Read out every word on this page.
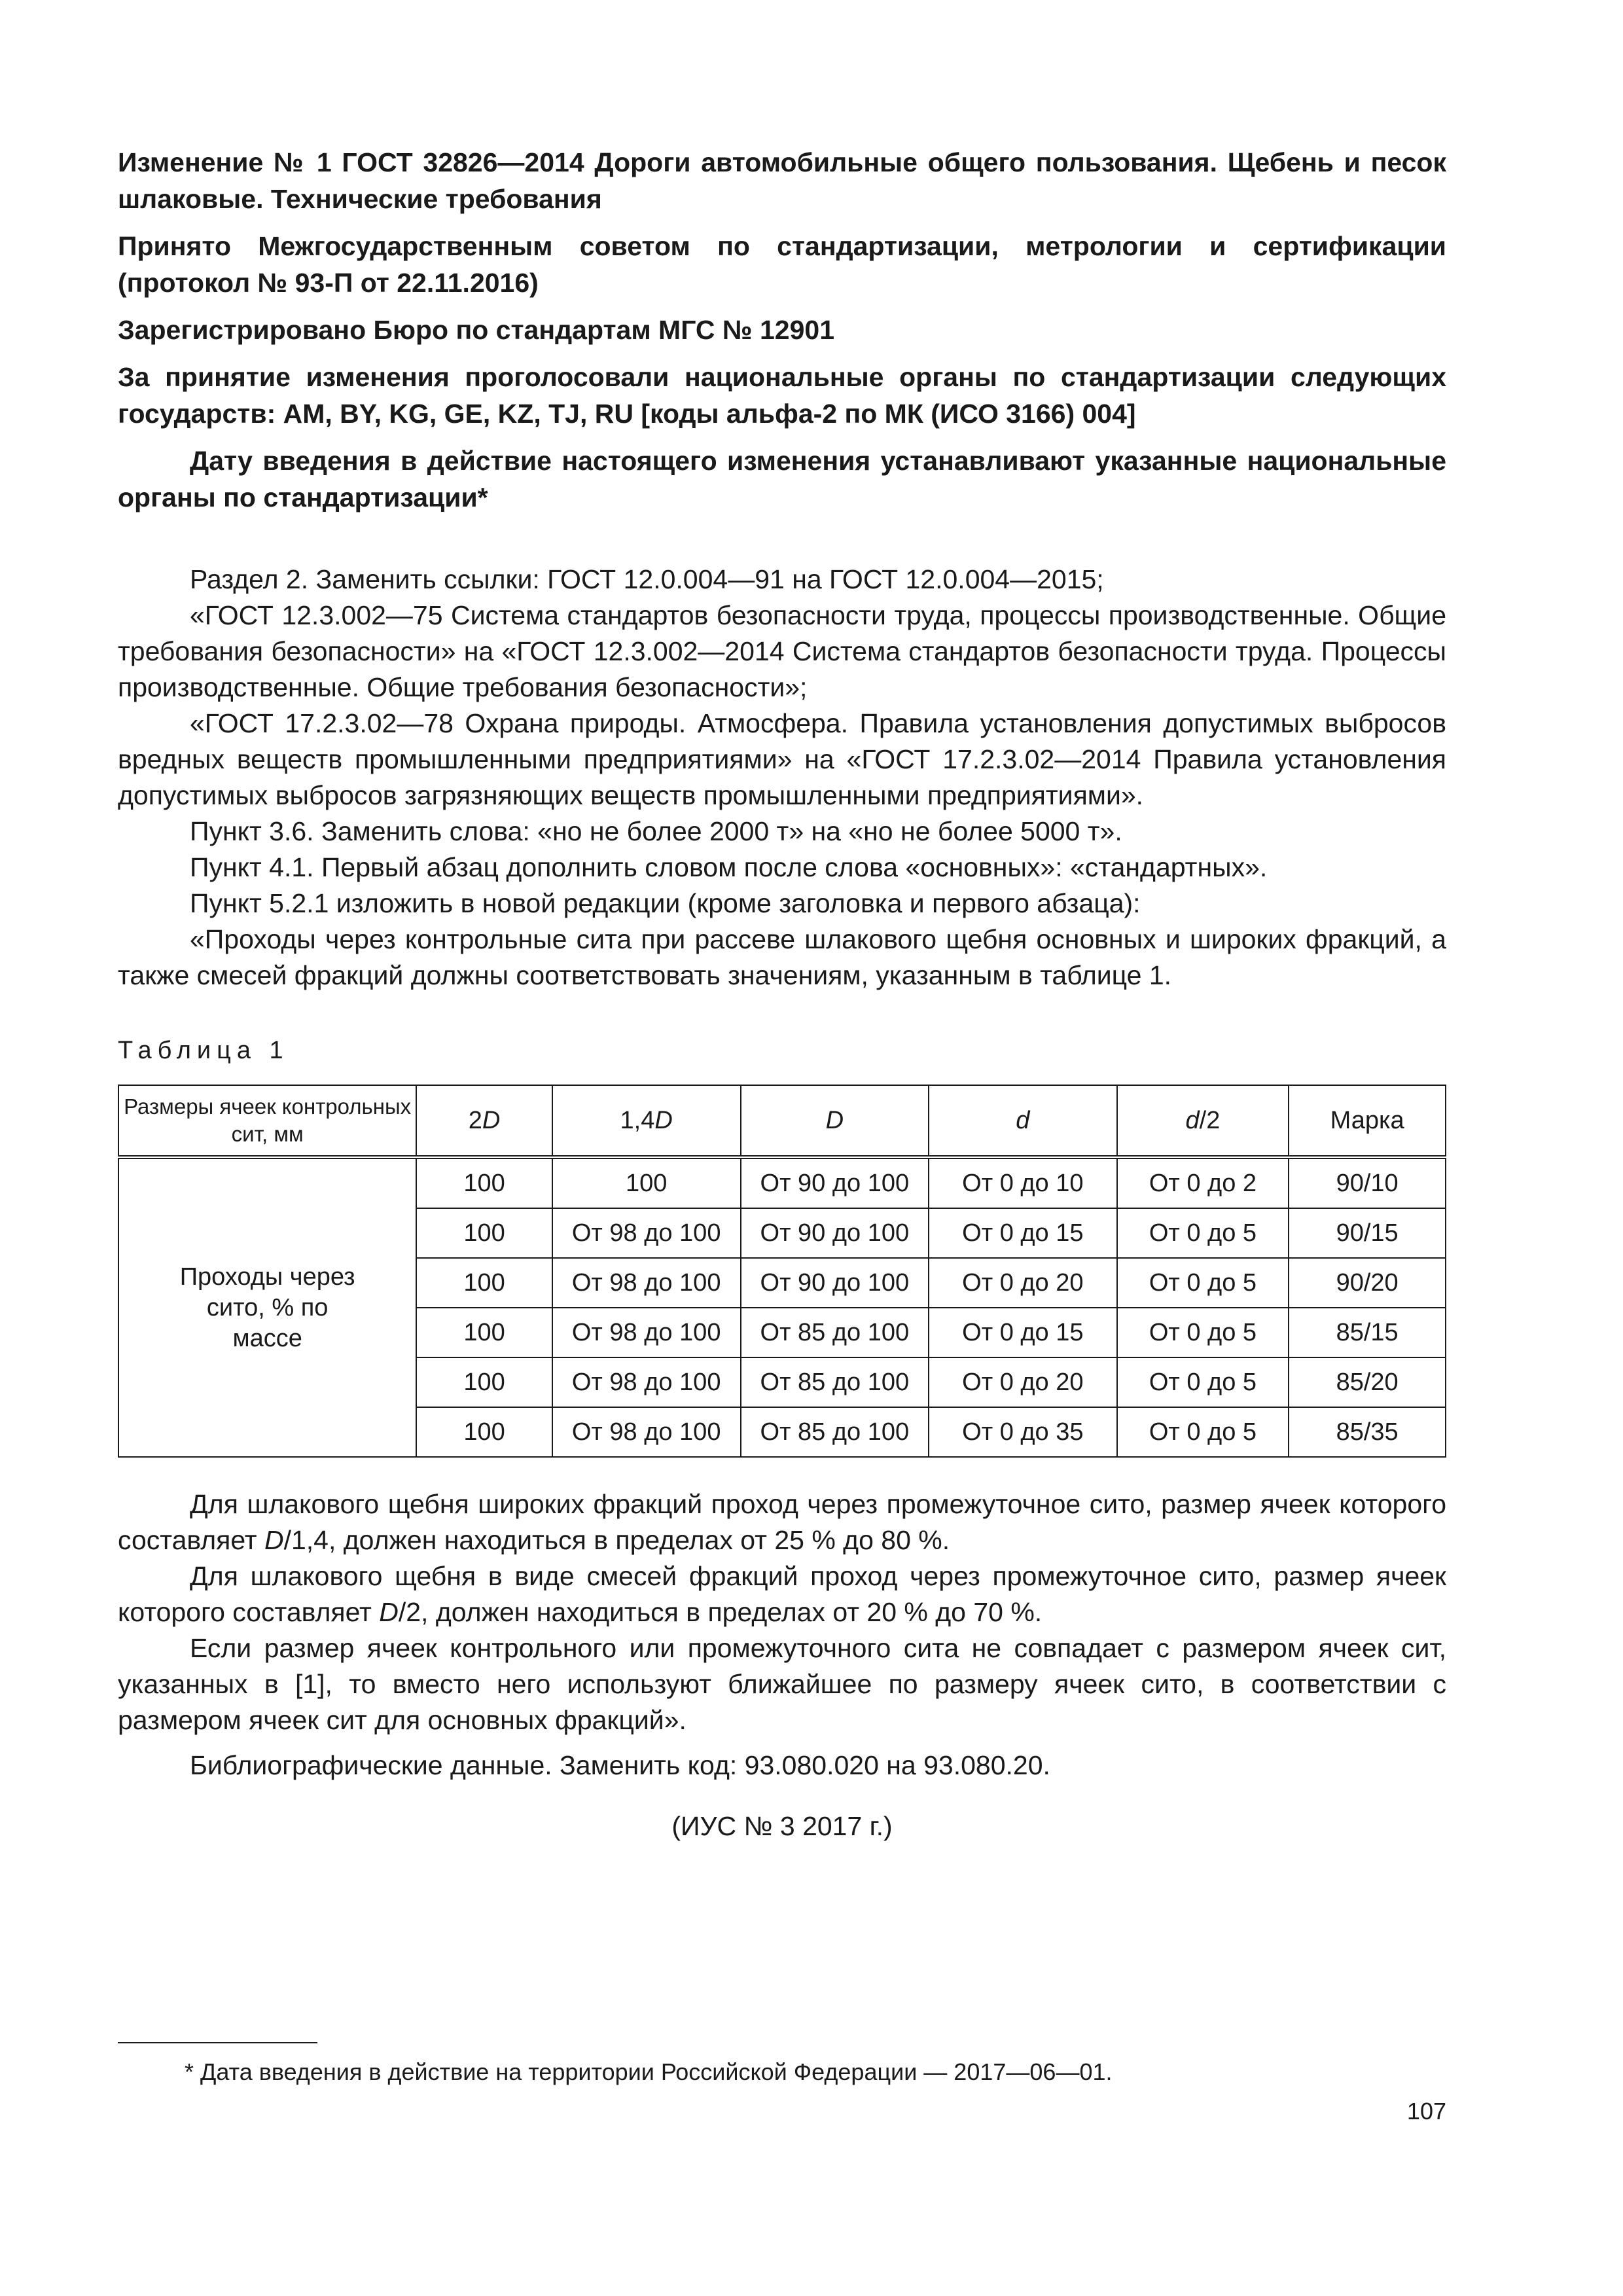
Изменение № 1 ГОСТ 32826—2014 Дороги автомобильные общего пользования. Щебень и песок шлаковые. Технические требования

Принято Межгосударственным советом по стандартизации, метрологии и сертификации (протокол № 93-П от 22.11.2016)

Зарегистрировано Бюро по стандартам МГС № 12901

За принятие изменения проголосовали национальные органы по стандартизации следующих государств: AM, BY, KG, GE, KZ, TJ, RU [коды альфа-2 по МК (ИСО 3166) 004]

Дату введения в действие настоящего изменения устанавливают указанные национальные органы по стандартизации*

Раздел 2. Заменить ссылки: ГОСТ 12.0.004—91 на ГОСТ 12.0.004—2015;

«ГОСТ 12.3.002—75 Система стандартов безопасности труда, процессы производственные. Общие требования безопасности» на «ГОСТ 12.3.002—2014 Система стандартов безопасности труда. Процессы производственные. Общие требования безопасности»;

«ГОСТ 17.2.3.02—78 Охрана природы. Атмосфера. Правила установления допустимых выбросов вредных веществ промышленными предприятиями» на «ГОСТ 17.2.3.02—2014 Правила установления допустимых выбросов загрязняющих веществ промышленными предприятиями».

Пункт 3.6. Заменить слова: «но не более 2000 т» на «но не более 5000 т».

Пункт 4.1. Первый абзац дополнить словом после слова «основных»: «стандартных».

Пункт 5.2.1 изложить в новой редакции (кроме заголовка и первого абзаца):

«Проходы через контрольные сита при рассеве шлакового щебня основных и широких фракций, а также смесей фракций должны соответствовать значениям, указанным в таблице 1.

Таблица 1
Размеры ячеек контрольных сит, мм	2D	1,4D	D	d	d/2	Марка

Проходы через сито, % по массе	100	100	От 90 до 100	От 0 до 10	От 0 до 2	90/10
	100	От 98 до 100	От 90 до 100	От 0 до 15	От 0 до 5	90/15
	100	От 98 до 100	От 90 до 100	От 0 до 20	От 0 до 5	90/20
	100	От 98 до 100	От 85 до 100	От 0 до 15	От 0 до 5	85/15
	100	От 98 до 100	От 85 до 100	От 0 до 20	От 0 до 5	85/20
	100	От 98 до 100	От 85 до 100	От 0 до 35	От 0 до 5	85/35

Для шлакового щебня широких фракций проход через промежуточное сито, размер ячеек которого составляет D/1,4, должен находиться в пределах от 25 % до 80 %.

Для шлакового щебня в виде смесей фракций проход через промежуточное сито, размер ячеек которого составляет D/2, должен находиться в пределах от 20 % до 70 %.

Если размер ячеек контрольного или промежуточного сита не совпадает с размером ячеек сит, указанных в [1], то вместо него используют ближайшее по размеру ячеек сито, в соответствии с размером ячеек сит для основных фракций».

Библиографические данные. Заменить код: 93.080.020 на 93.080.20.

(ИУС № 3 2017 г.)
* Дата введения в действие на территории Российской Федерации — 2017—06—01.
107
